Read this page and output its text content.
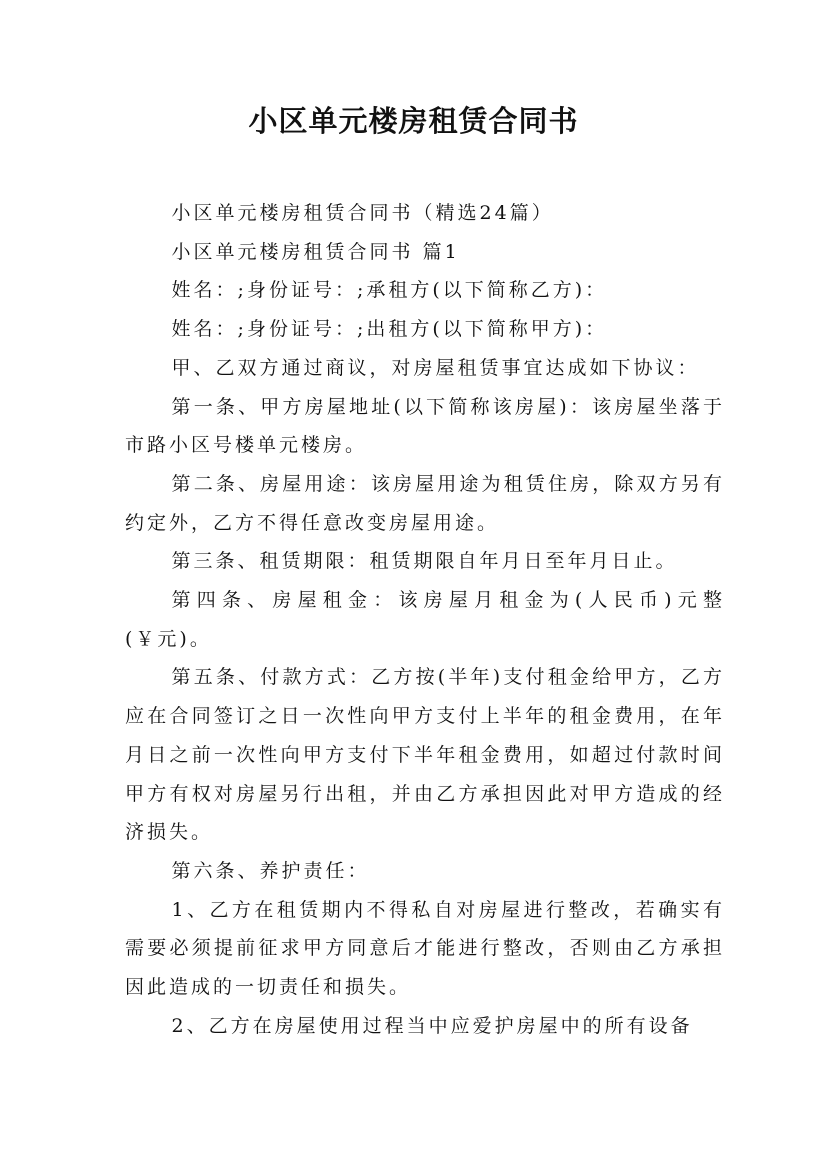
小区单元楼房租赁合同书

小区单元楼房租赁合同书（精选24篇）

小区单元楼房租赁合同书 篇1

姓名：;身份证号：;承租方(以下简称乙方)：

姓名：;身份证号：;出租方(以下简称甲方)：

甲、乙双方通过商议，对房屋租赁事宜达成如下协议：

第一条、甲方房屋地址(以下简称该房屋)：该房屋坐落于市路小区号楼单元楼房。

第二条、房屋用途：该房屋用途为租赁住房，除双方另有约定外，乙方不得任意改变房屋用途。

第三条、租赁期限：租赁期限自年月日至年月日止。

第四条、房屋租金：该房屋月租金为(人民币)元整(￥元)。

第五条、付款方式：乙方按(半年)支付租金给甲方，乙方应在合同签订之日一次性向甲方支付上半年的租金费用，在年月日之前一次性向甲方支付下半年租金费用，如超过付款时间甲方有权对房屋另行出租，并由乙方承担因此对甲方造成的经济损失。

第六条、养护责任：

1、乙方在租赁期内不得私自对房屋进行整改，若确实有需要必须提前征求甲方同意后才能进行整改，否则由乙方承担因此造成的一切责任和损失。

2、乙方在房屋使用过程当中应爱护房屋中的所有设备
